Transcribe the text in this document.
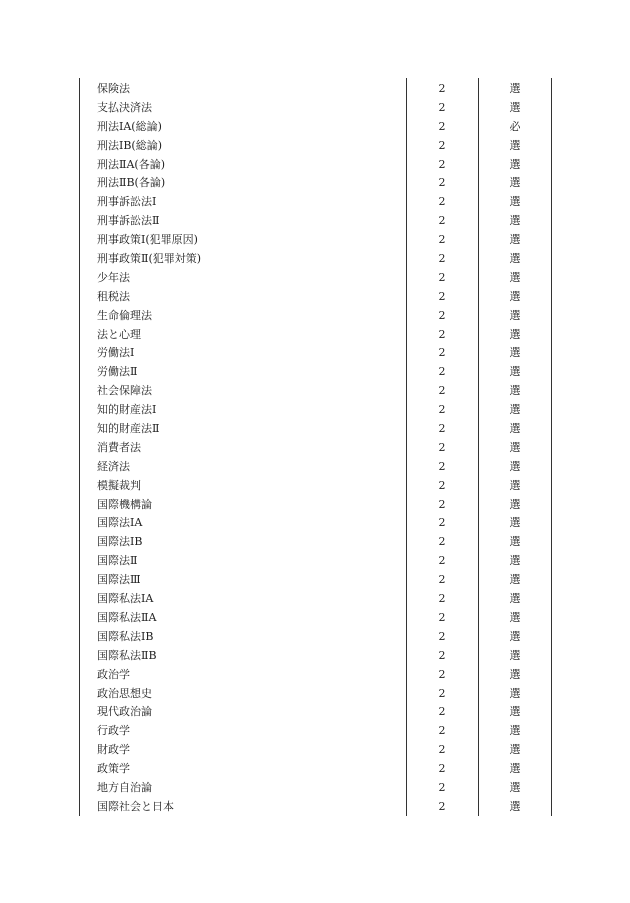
保険法	2	選
支払決済法	2	選
刑法ⅠA(総論)	2	必
刑法ⅠB(総論)	2	選
刑法ⅡA(各論)	2	選
刑法ⅡB(各論)	2	選
刑事訴訟法Ⅰ	2	選
刑事訴訟法Ⅱ	2	選
刑事政策Ⅰ(犯罪原因)	2	選
刑事政策Ⅱ(犯罪対策)	2	選
少年法	2	選
租税法	2	選
生命倫理法	2	選
法と心理	2	選
労働法Ⅰ	2	選
労働法Ⅱ	2	選
社会保障法	2	選
知的財産法Ⅰ	2	選
知的財産法Ⅱ	2	選
消費者法	2	選
経済法	2	選
模擬裁判	2	選
国際機構論	2	選
国際法ⅠA	2	選
国際法ⅠB	2	選
国際法Ⅱ	2	選
国際法Ⅲ	2	選
国際私法ⅠA	2	選
国際私法ⅡA	2	選
国際私法ⅠB	2	選
国際私法ⅡB	2	選
政治学	2	選
政治思想史	2	選
現代政治論	2	選
行政学	2	選
財政学	2	選
政策学	2	選
地方自治論	2	選
国際社会と日本	2	選
